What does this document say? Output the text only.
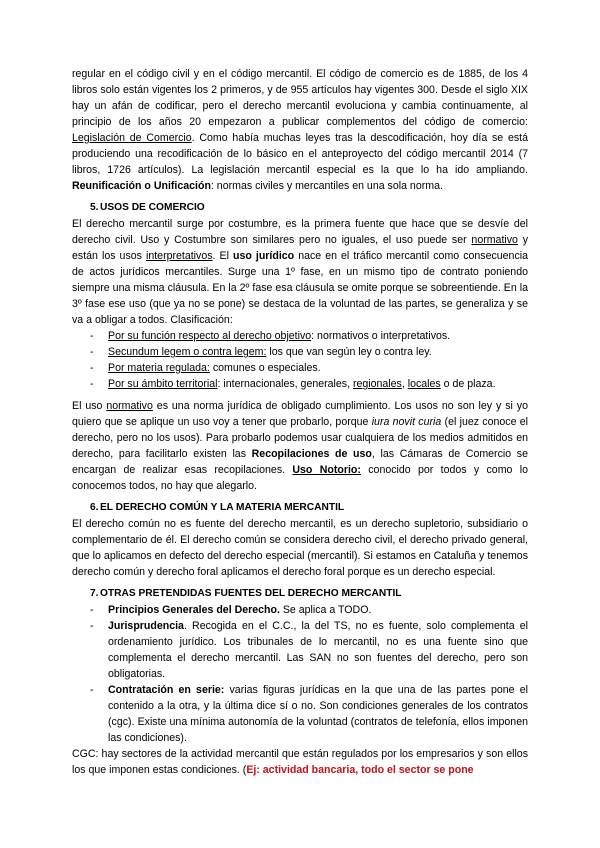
regular en el código civil y en el código mercantil. El código de comercio es de 1885, de los 4 libros solo están vigentes los 2 primeros, y de 955 artículos hay vigentes 300. Desde el siglo XIX hay un afán de codificar, pero el derecho mercantil evoluciona y cambia continuamente, al principio de los años 20 empezaron a publicar complementos del código de comercio: Legislación de Comercio. Como había muchas leyes tras la descodificación, hoy día se está produciendo una recodificación de lo básico en el anteproyecto del código mercantil 2014 (7 libros, 1726 artículos). La legislación mercantil especial es la que lo ha ido ampliando. Reunificación o Unificación: normas civiles y mercantiles en una sola norma.

5. USOS DE COMERCIO

El derecho mercantil surge por costumbre, es la primera fuente que hace que se desvíe del derecho civil. Uso y Costumbre son similares pero no iguales, el uso puede ser normativo y están los usos interpretativos. El uso jurídico nace en el tráfico mercantil como consecuencia de actos jurídicos mercantiles. Surge una 1º fase, en un mismo tipo de contrato poniendo siempre una misma cláusula. En la 2º fase esa cláusula se omite porque se sobreentiende. En la 3º fase ese uso (que ya no se pone) se destaca de la voluntad de las partes, se generaliza y se va a obligar a todos. Clasificación:

- Por su función respecto al derecho objetivo: normativos o interpretativos.
- Secundum legem o contra legem: los que van según ley o contra ley.
- Por materia regulada: comunes o especiales.
- Por su ámbito territorial: internacionales, generales, regionales, locales o de plaza.

El uso normativo es una norma jurídica de obligado cumplimiento. Los usos no son ley y si yo quiero que se aplique un uso voy a tener que probarlo, porque iura novit curia (el juez conoce el derecho, pero no los usos). Para probarlo podemos usar cualquiera de los medios admitidos en derecho, para facilitarlo existen las Recopilaciones de uso, las Cámaras de Comercio se encargan de realizar esas recopilaciones. Uso Notorio: conocido por todos y como lo conocemos todos, no hay que alegarlo.

6. EL DERECHO COMÚN Y LA MATERIA MERCANTIL

El derecho común no es fuente del derecho mercantil, es un derecho supletorio, subsidiario o complementario de él. El derecho común se considera derecho civil, el derecho privado general, que lo aplicamos en defecto del derecho especial (mercantil). Si estamos en Cataluña y tenemos derecho común y derecho foral aplicamos el derecho foral porque es un derecho especial.

7. OTRAS PRETENDIDAS FUENTES DEL DERECHO MERCANTIL
- Principios Generales del Derecho. Se aplica a TODO.
- Jurisprudencia. Recogida en el C.C., la del TS, no es fuente, solo complementa el ordenamiento jurídico. Los tribunales de lo mercantil, no es una fuente sino que complementa el derecho mercantil. Las SAN no son fuentes del derecho, pero son obligatorias.
- Contratación en serie: varias figuras jurídicas en la que una de las partes pone el contenido a la otra, y la última dice sí o no. Son condiciones generales de los contratos (cgc). Existe una mínima autonomía de la voluntad (contratos de telefonía, ellos imponen las condiciones).

CGC: hay sectores de la actividad mercantil que están regulados por los empresarios y son ellos los que imponen estas condiciones. (Ej: actividad bancaria, todo el sector se pone
